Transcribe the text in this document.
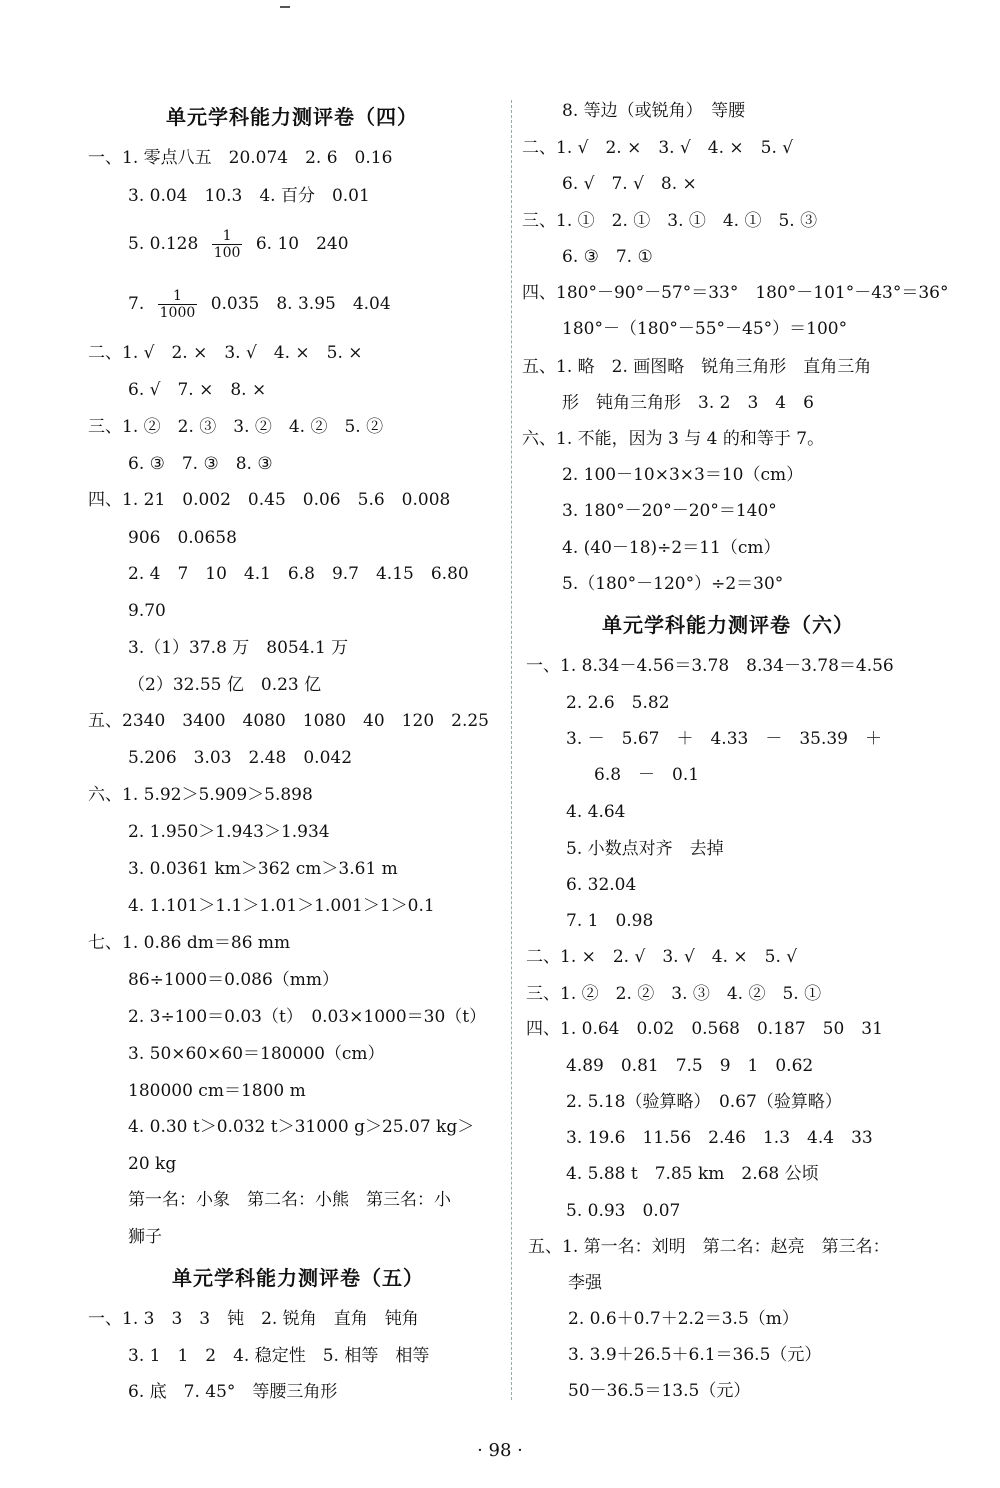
单元学科能力测评卷（四）
一、1. 零点八五　20.074　2. 6　0.16
3. 0.04　10.3　4. 百分　0.01
5. $0.128 \frac{1}{100} 6$. 10　240
7. $\frac{1}{1000} 0.035$　8. 3.95　4.04
二、1. √　2. ×　3. √　4. ×　5. ×
6. √　7. ×　8. ×
三、1. ②　2. ③　3. ②　4. ②　5. ②
6. ③　7. ③　8. ③
四、1. 21　0.002　0.45　0.06　5.6　0.008
906　0.0658
2. 4　7　10　4.1　6.8　9.7　4.15　6.80
9.70
3.（1）37.8 万　8054.1 万
（2）32.55 亿　0.23 亿
五、2340　3400　4080　1080　40　120　2.25
5.206　3.03　2.48　0.042
六、1. 5.92＞5.909＞5.898
2. 1.950＞1.943＞1.934
3. 0.0361 km＞362 cm＞3.61 m
4. 1.101＞1.1＞1.01＞1.001＞1＞0.1
七、1. 0.86 dm＝86 mm
86÷1000＝0.086（mm）
2. 3÷100＝0.03（t）　0.03×1000＝30（t）
3. 50×60×60＝180000（cm）
180000 cm＝1800 m
4. 0.30 t＞0.032 t＞31000 g＞25.07 kg＞
20 kg
第一名：小象　第二名：小熊　第三名：小
狮子
单元学科能力测评卷（五）
一、1. 3　3　3　钝　2. 锐角　直角　钝角
3. 1　1　2　4. 稳定性　5. 相等　相等
6. 底　7. 45°　等腰三角形
8. 等边（或锐角）　等腰
二、1. √　2. ×　3. √　4. ×　5. √
6. √　7. √　8. ×
三、1. ①　2. ①　3. ①　4. ①　5. ③
6. ③　7. ①
四、180°－90°－57°＝33°　180°－101°－43°＝36°
180°－（180°－55°－45°）＝100°
五、1. 略　2. 画图略　锐角三角形　直角三角
形　钝角三角形　3. 2　3　4　6
六、1. 不能，因为 3 与 4 的和等于 7。
2. 100－10×3×3＝10（cm）
3. 180°－20°－20°＝140°
4. (40－18)÷2＝11（cm）
5.（180°－120°）÷2＝30°
单元学科能力测评卷（六）
一、1. 8.34－4.56＝3.78　8.34－3.78＝4.56
2. 2.6　5.82
3. －　5.67　＋　4.33　－　35.39　＋
6.8　－　0.1
4. 4.64
5. 小数点对齐　去掉
6. 32.04
7. 1　0.98
二、1. ×　2. √　3. √　4. ×　5. √
三、1. ②　2. ②　3. ③　4. ②　5. ①
四、1. 0.64　0.02　0.568　0.187　50　31
4.89　0.81　7.5　9　1　0.62
2. 5.18（验算略）　0.67（验算略）
3. 19.6　11.56　2.46　1.3　4.4　33
4. 5.88 t　7.85 km　2.68 公顷
5. 0.93　0.07
五、1. 第一名：刘明　第二名：赵亮　第三名：
李强
2. 0.6＋0.7＋2.2＝3.5（m）
3. 3.9＋26.5＋6.1＝36.5（元）
50－36.5＝13.5（元）
· 98 ·
